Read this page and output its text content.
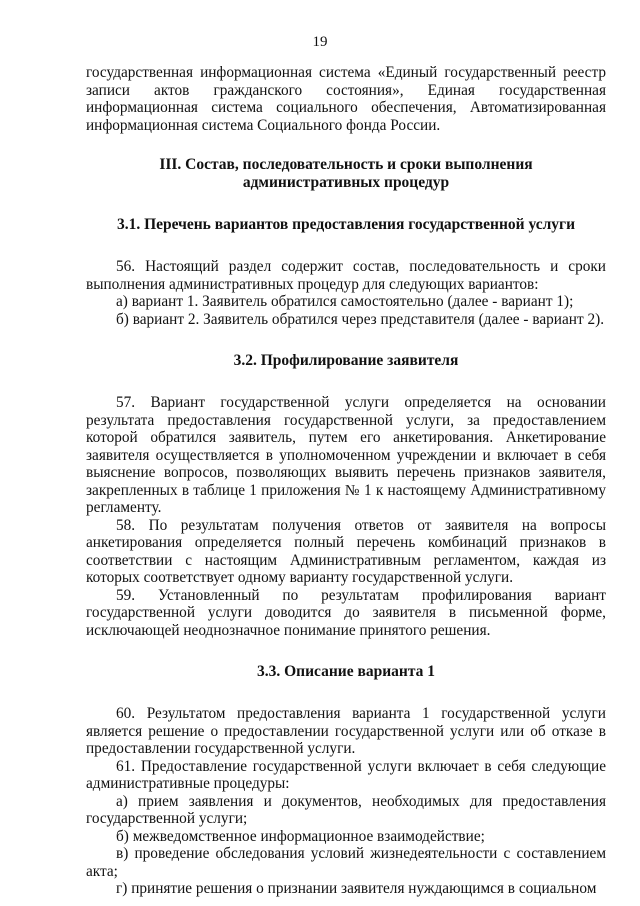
19

государственная информационная система «Единый государственный реестр записи актов гражданского состояния», Единая государственная информационная система социального обеспечения, Автоматизированная информационная система Социального фонда России.

III. Состав, последовательность и сроки выполнения административных процедур
3.1. Перечень вариантов предоставления государственной услуги

56. Настоящий раздел содержит состав, последовательность и сроки выполнения административных процедур для следующих вариантов:

а) вариант 1. Заявитель обратился самостоятельно (далее - вариант 1);

б) вариант 2. Заявитель обратился через представителя (далее - вариант 2).

3.2. Профилирование заявителя

57. Вариант государственной услуги определяется на основании результата предоставления государственной услуги, за предоставлением которой обратился заявитель, путем его анкетирования. Анкетирование заявителя осуществляется в уполномоченном учреждении и включает в себя выяснение вопросов, позволяющих выявить перечень признаков заявителя, закрепленных в таблице 1 приложения № 1 к настоящему Административному регламенту.

58. По результатам получения ответов от заявителя на вопросы анкетирования определяется полный перечень комбинаций признаков в соответствии с настоящим Административным регламентом, каждая из которых соответствует одному варианту государственной услуги.

59. Установленный по результатам профилирования вариант государственной услуги доводится до заявителя в письменной форме, исключающей неоднозначное понимание принятого решения.

3.3. Описание варианта 1

60. Результатом предоставления варианта 1 государственной услуги является решение о предоставлении государственной услуги или об отказе в предоставлении государственной услуги.

61. Предоставление государственной услуги включает в себя следующие административные процедуры:

а) прием заявления и документов, необходимых для предоставления государственной услуги;

б) межведомственное информационное взаимодействие;

в) проведение обследования условий жизнедеятельности с составлением акта;

г) принятие решения о признании заявителя нуждающимся в социальном
